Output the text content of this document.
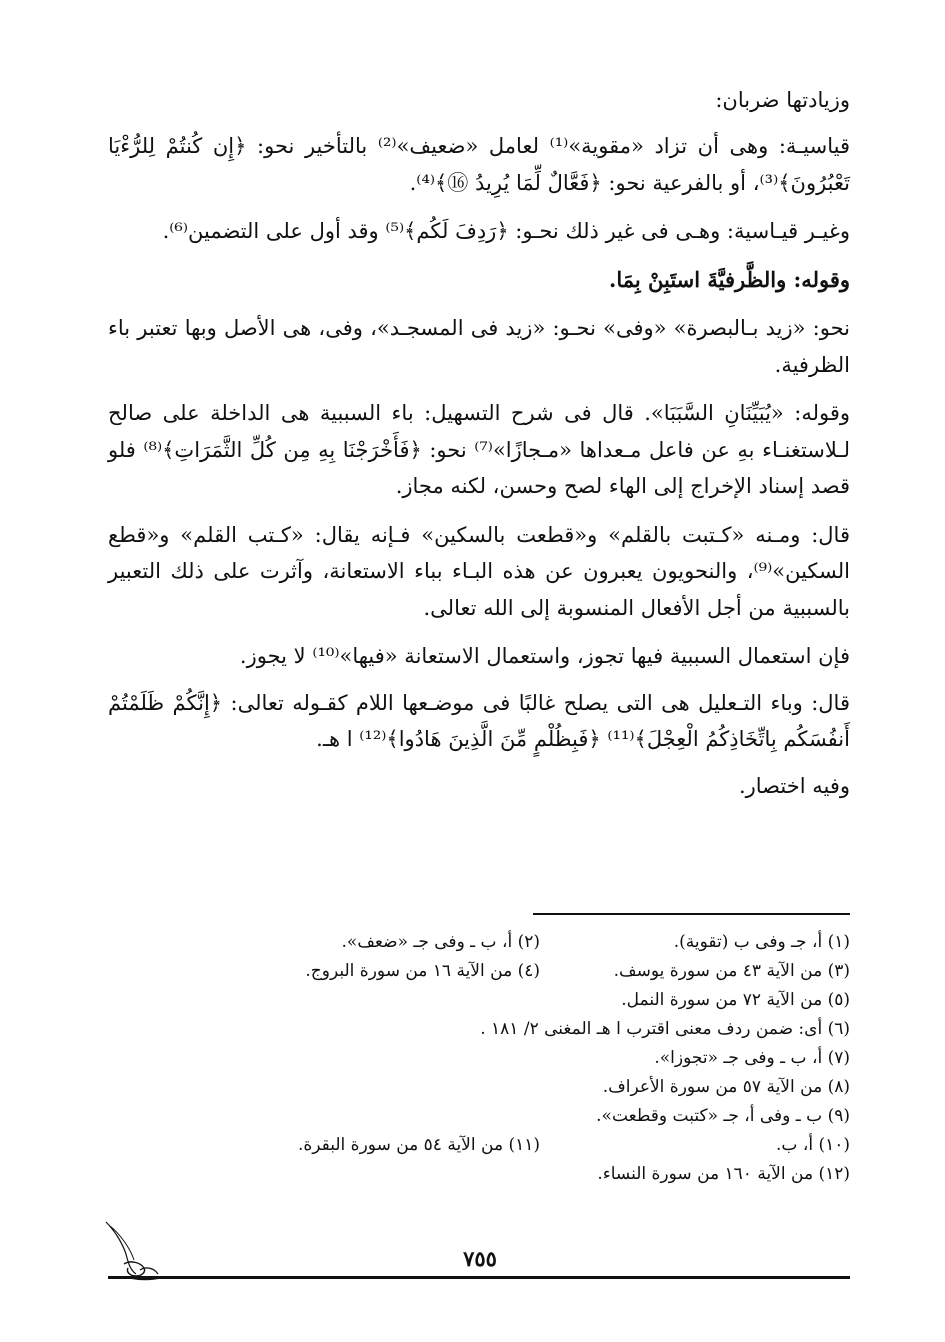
وزيادتها ضربان:

قياسيـة: وهى أن تزاد «مقوية»⁽¹⁾ لعامل «ضعيف»⁽²⁾ بالتأخير نحو: ﴿إِن كُنتُمْ لِلرُّءْيَا تَعْبُرُونَ﴾⁽³⁾، أو بالفرعية نحو: ﴿فَعَّالٌ لِّمَا يُرِيدُ ⑯﴾⁽⁴⁾.

وغيـر قيـاسية: وهـى فى غير ذلك نحـو: ﴿رَدِفَ لَكُم﴾⁽⁵⁾ وقد أول على التضمين⁽⁶⁾.

وقوله: والظَّرفيَّةَ استَبِنْ بِمَا.

نحو: «زيد بـالبصرة» «وفى» نحـو: «زيد فى المسجـد»، وفى، هى الأصل وبها تعتبر باء الظرفية.

وقوله: «يُبَيِّنَانِ السَّبَبَا». قال فى شرح التسهيل: باء السببية هى الداخلة على صالح لـلاستغنـاء بهِ عن فاعل مـعداها «مـجازًا»⁽⁷⁾ نحو: ﴿فَأَخْرَجْنَا بِهِ مِن كُلِّ الثَّمَرَاتِ﴾⁽⁸⁾ فلو قصد إسناد الإخراج إلى الهاء لصح وحسن، لكنه مجاز.

قال: ومـنه «كـتبت بالقلم» و«قطعت بالسكين» فـإنه يقال: «كـتب القلم» و«قطع السكين»⁽⁹⁾، والنحويون يعبرون عن هذه البـاء بباء الاستعانة، وآثرت على ذلك التعبير بالسببية من أجل الأفعال المنسوبة إلى الله تعالى.

فإن استعمال السببية فيها تجوز، واستعمال الاستعانة «فيها»⁽¹⁰⁾ لا يجوز.

قال: وباء التـعليل هى التى يصلح غالبًا فى موضـعها اللام كقـوله تعالى: ﴿إِنَّكُمْ ظَلَمْتُمْ أَنفُسَكُم بِاتِّخَاذِكُمُ الْعِجْلَ﴾⁽¹¹⁾ ﴿فَبِظُلْمٍ مِّنَ الَّذِينَ هَادُوا﴾⁽¹²⁾ ا هـ.

وفيه اختصار.

(١) أ، جـ وفى ب (تقوية).
(٢) أ، ب ـ وفى جـ «ضعف».
(٣) من الآية ٤٣ من سورة يوسف.
(٤) من الآية ١٦ من سورة البروج.
(٥) من الآية ٧٢ من سورة النمل.
(٦) أى: ضمن ردف معنى اقترب ا هـ المغنى ٢/ ١٨١ .
(٧) أ، ب ـ وفى جـ «تجوزا».
(٨) من الآية ٥٧ من سورة الأعراف.
(٩) ب ـ وفى أ، جـ «كتبت وقطعت».
(١٠) أ، ب.
(١١) من الآية ٥٤ من سورة البقرة.
(١٢) من الآية ١٦٠ من سورة النساء.
٧٥٥
